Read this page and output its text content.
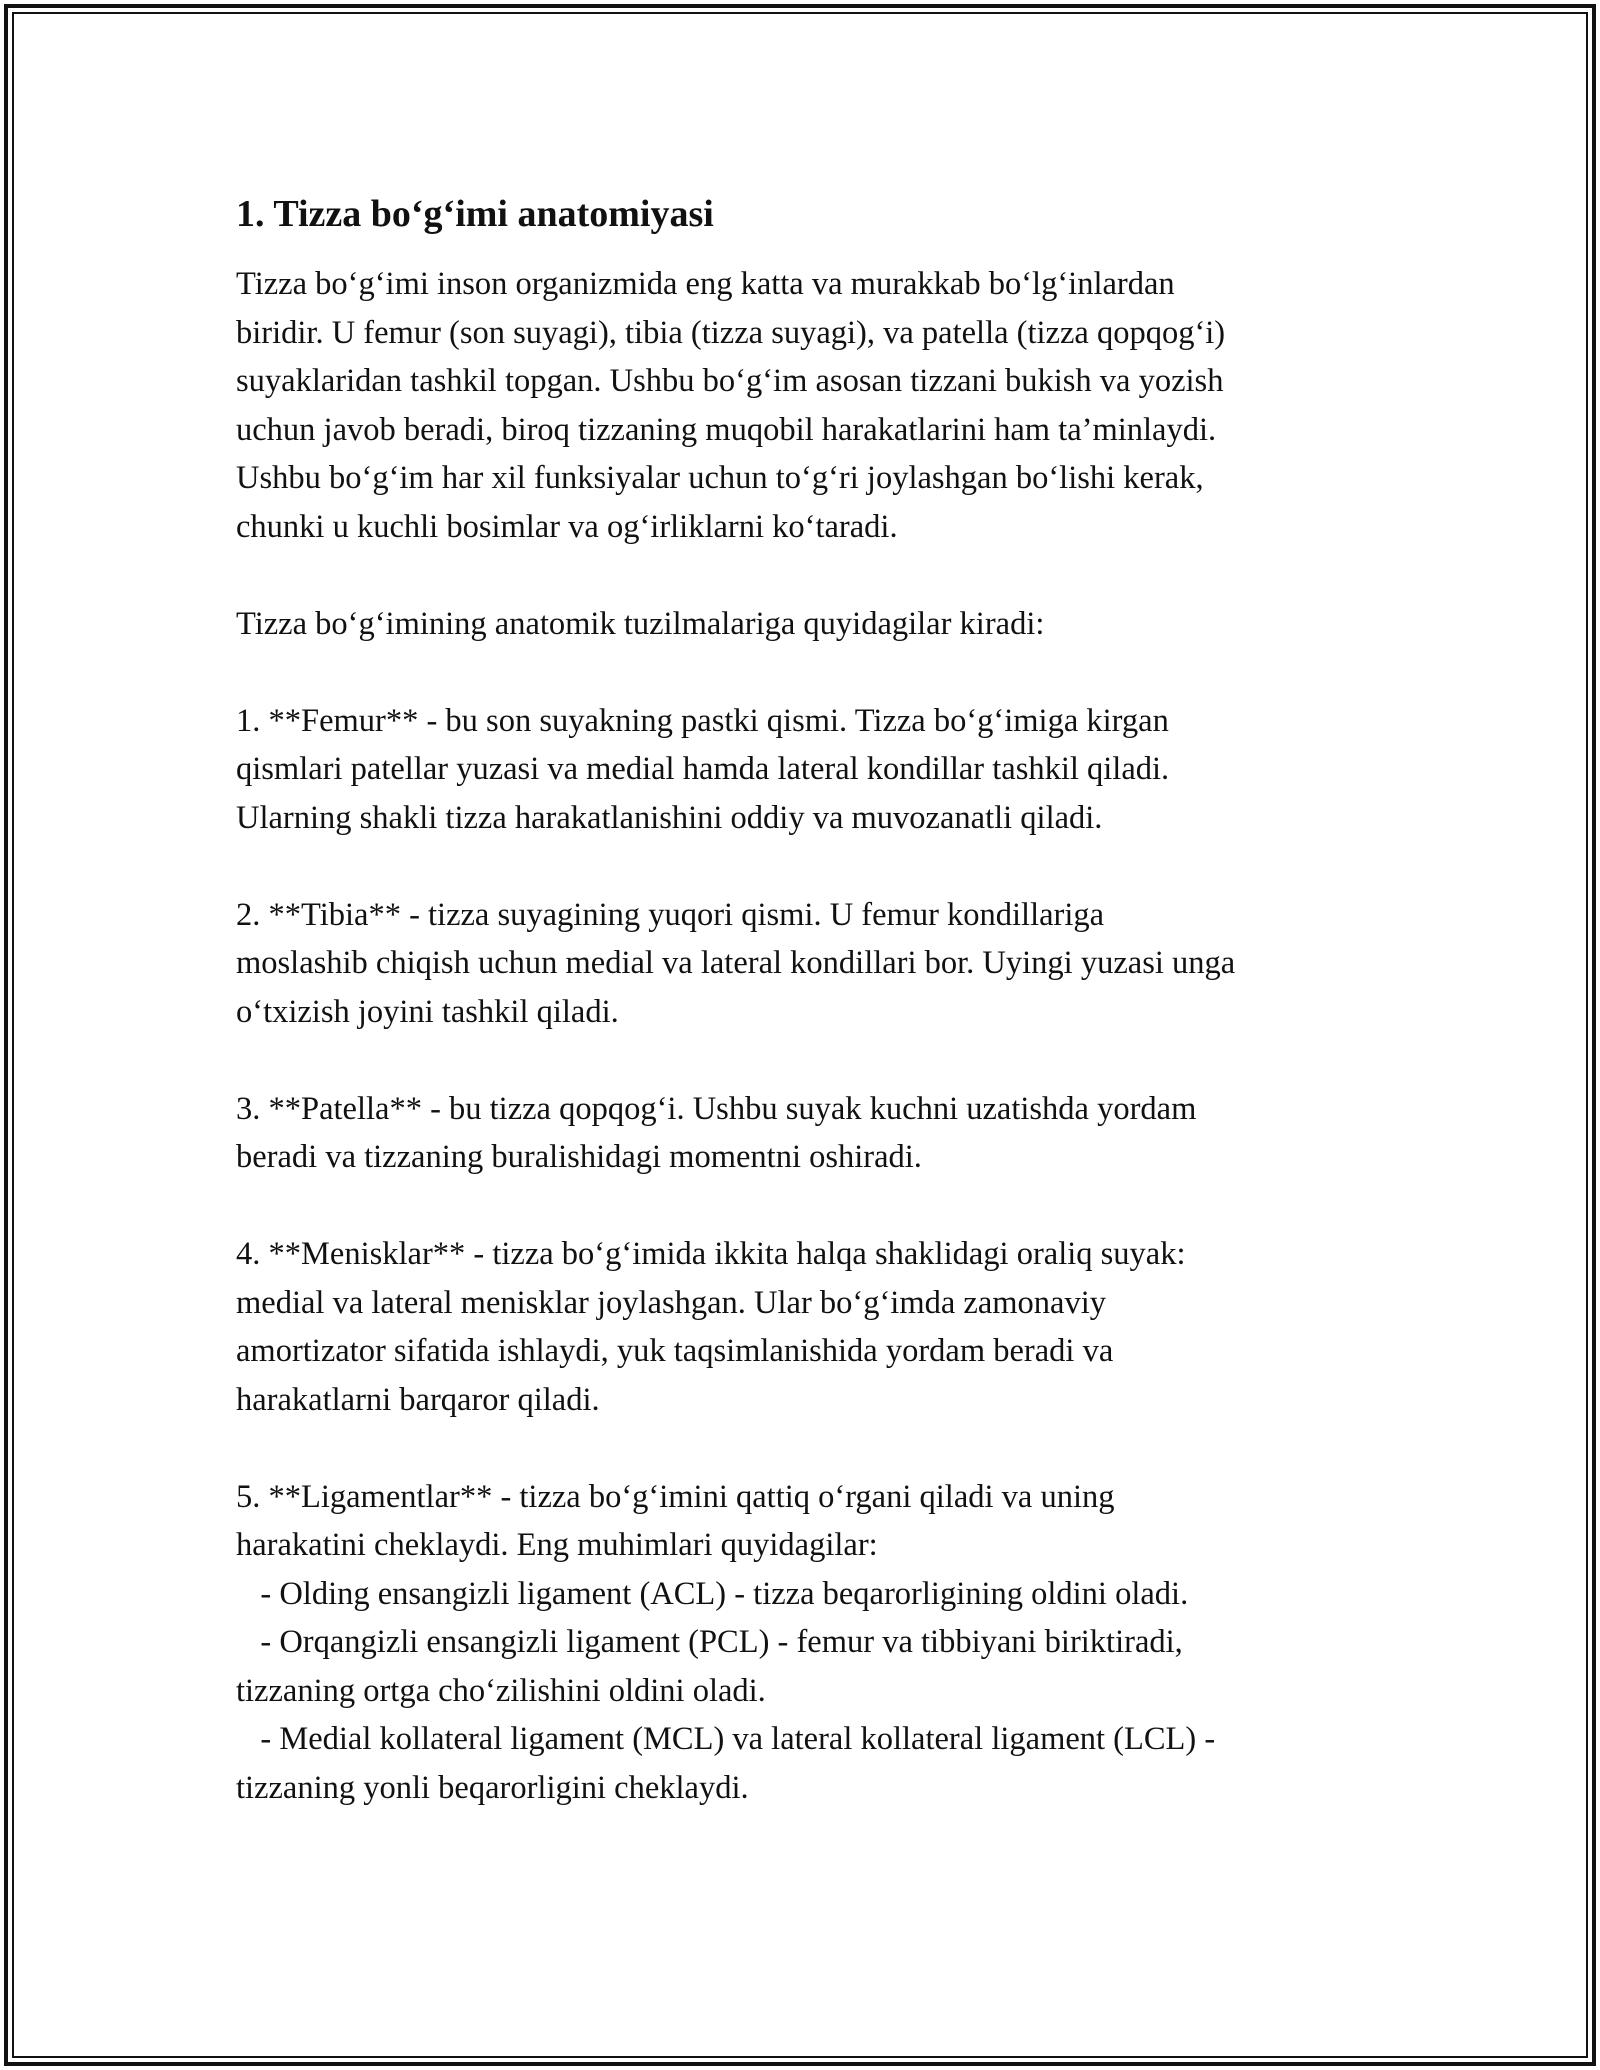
1. Tizza bo‘g‘imi anatomiyasi

Tizza bo‘g‘imi inson organizmida eng katta va murakkab bo‘lg‘inlardan
biridir. U femur (son suyagi), tibia (tizza suyagi), va patella (tizza qopqog‘i)
suyaklaridan tashkil topgan. Ushbu bo‘g‘im asosan tizzani bukish va yozish
uchun javob beradi, biroq tizzaning muqobil harakatlarini ham ta’minlaydi.
Ushbu bo‘g‘im har xil funksiyalar uchun to‘g‘ri joylashgan bo‘lishi kerak,
chunki u kuchli bosimlar va og‘irliklarni ko‘taradi.

Tizza bo‘g‘imining anatomik tuzilmalariga quyidagilar kiradi:

1. **Femur** - bu son suyakning pastki qismi. Tizza bo‘g‘imiga kirgan
qismlari patellar yuzasi va medial hamda lateral kondillar tashkil qiladi.
Ularning shakli tizza harakatlanishini oddiy va muvozanatli qiladi.

2. **Tibia** - tizza suyagining yuqori qismi. U femur kondillariga
moslashib chiqish uchun medial va lateral kondillari bor. Uyingi yuzasi unga
o‘txizish joyini tashkil qiladi.

3. **Patella** - bu tizza qopqog‘i. Ushbu suyak kuchni uzatishda yordam
beradi va tizzaning buralishidagi momentni oshiradi.

4. **Menisklar** - tizza bo‘g‘imida ikkita halqa shaklidagi oraliq suyak:
medial va lateral menisklar joylashgan. Ular bo‘g‘imda zamonaviy
amortizator sifatida ishlaydi, yuk taqsimlanishida yordam beradi va
harakatlarni barqaror qiladi.

5. **Ligamentlar** - tizza bo‘g‘imini qattiq o‘rgani qiladi va uning
harakatini cheklaydi. Eng muhimlari quyidagilar:
- Olding ensangizli ligament (ACL) - tizza beqarorligining oldini oladi.
- Orqangizli ensangizli ligament (PCL) - femur va tibbiyani biriktiradi,
tizzaning ortga cho‘zilishini oldini oladi.
- Medial kollateral ligament (MCL) va lateral kollateral ligament (LCL) -
tizzaning yonli beqarorligini cheklaydi.
